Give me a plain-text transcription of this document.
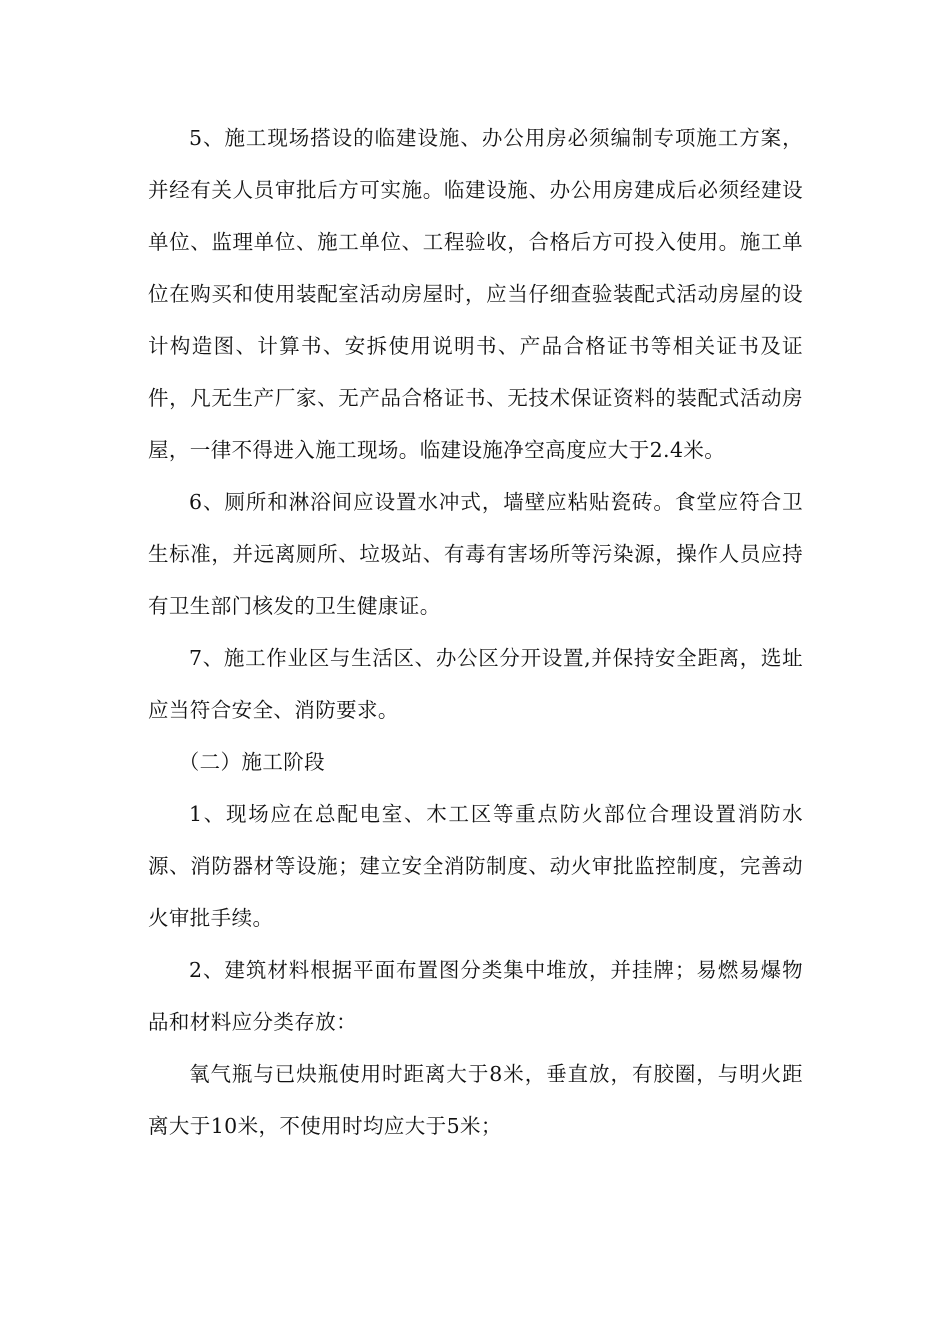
5、施工现场搭设的临建设施、办公用房必须编制专项施工方案，并经有关人员审批后方可实施。临建设施、办公用房建成后必须经建设单位、监理单位、施工单位、工程验收，合格后方可投入使用。施工单位在购买和使用装配室活动房屋时，应当仔细查验装配式活动房屋的设计构造图、计算书、安拆使用说明书、产品合格证书等相关证书及证件，凡无生产厂家、无产品合格证书、无技术保证资料的装配式活动房屋，一律不得进入施工现场。临建设施净空高度应大于2.4米。

6、厕所和淋浴间应设置水冲式，墙壁应粘贴瓷砖。食堂应符合卫生标准，并远离厕所、垃圾站、有毒有害场所等污染源，操作人员应持有卫生部门核发的卫生健康证。

7、施工作业区与生活区、办公区分开设置,并保持安全距离，选址应当符合安全、消防要求。

（二）施工阶段

1、现场应在总配电室、木工区等重点防火部位合理设置消防水源、消防器材等设施；建立安全消防制度、动火审批监控制度，完善动火审批手续。

2、建筑材料根据平面布置图分类集中堆放，并挂牌；易燃易爆物品和材料应分类存放：

氧气瓶与已炔瓶使用时距离大于8米，垂直放，有胶圈，与明火距离大于10米，不使用时均应大于5米；
